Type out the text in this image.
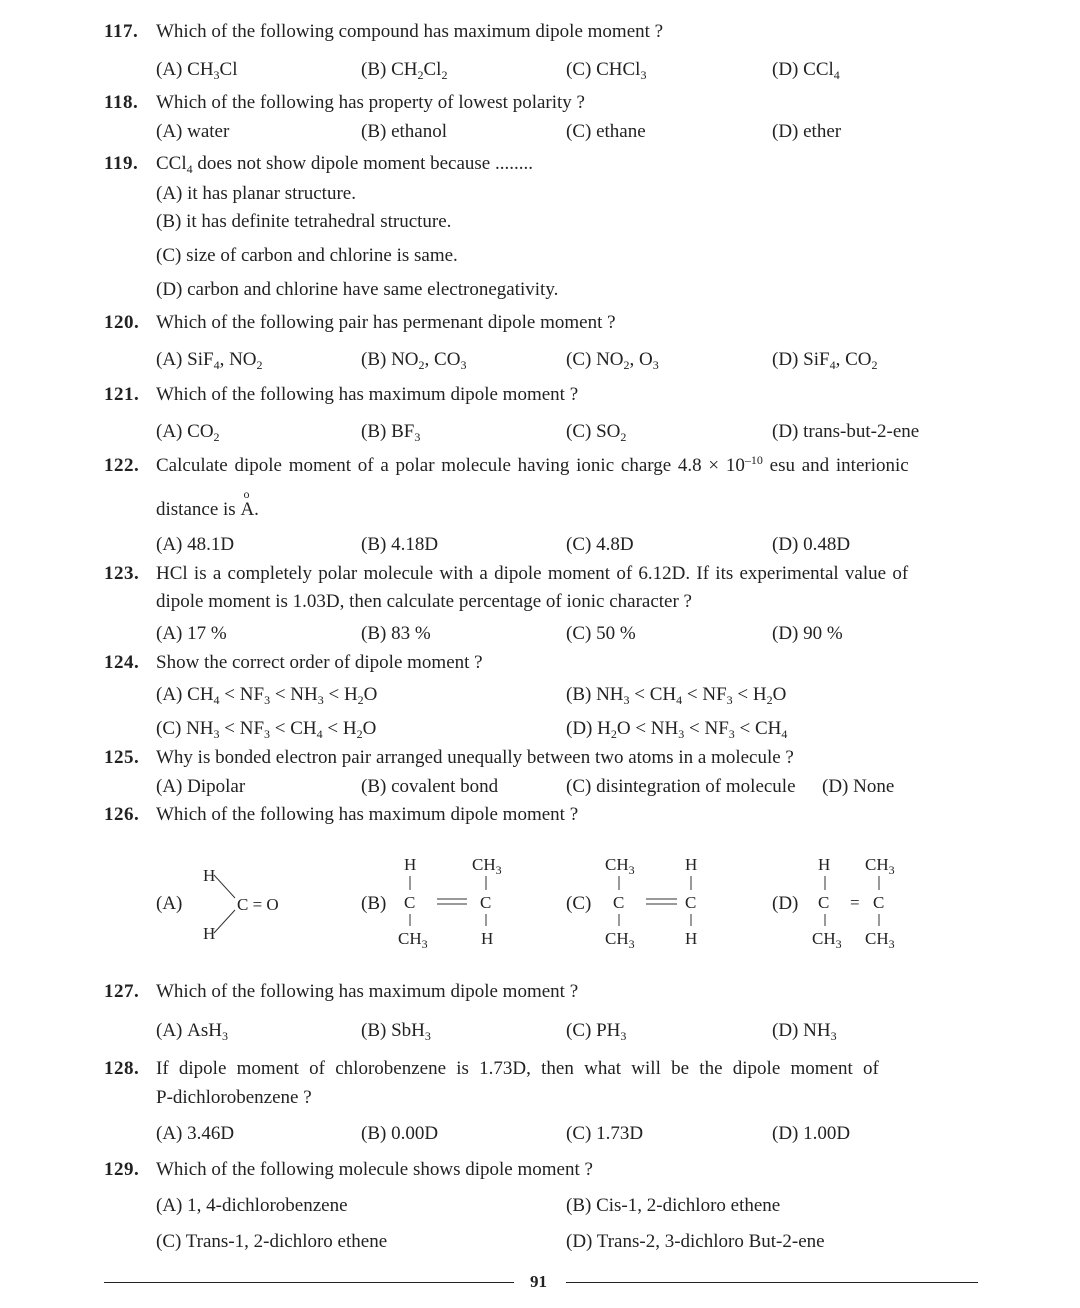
117. Which of the following compound has maximum dipole moment ?
(A) $CH_3Cl$	(B) $CH_2Cl_2$	(C) CHCl$_3$	(D) CCl$_4$
118. Which of the following has property of lowest polarity ?
(A) water	(B) ethanol	(C) ethane	(D) ether
119. CCl$_4$ does not show dipole moment because ........
(A) it has planar structure.
(B) it has definite tetrahedral structure.
(C) size of carbon and chlorine is same.
(D) carbon and chlorine have same electronegativity.
120. Which of the following pair has permenant dipole moment ?
(A) SiF$_4$, $NO_2$	(B) $NO_2$, $CO_3$	(C) $NO_2$, $O_3$	(D) SiF$_4$, $CO_2$
121. Which of the following has maximum dipole moment ?
(A) $CO_2$	(B) $BF_3$	(C) $SO_2$	(D) trans-but-2-ene
122. Calculate dipole moment of a polar molecule having ionic charge $4.8 \times 10^{-10}$ esu and interionic
distance is
o
A.
(A) 48.1D	(B) 4.18D	(C) 4.8D	(D) 0.48D
123. HCl is a completely polar molecule with a dipole moment of 6.12D. If its experimental value of
dipole moment is 1.03D, then calculate percentage of ionic character ?
(A) 17 %	(B) 83 %	(C) 50 %	(D) 90 %
124. Show the correct order of dipole moment ?
(A) $CH_4 < NF_3 < NH_3 < H_2O$	(B) $NH_3 < CH_4 < NF_3 < H_2O$
(C) $NH_3 < NF_3 < CH_4 < H_2O$	(D) $H_2O < NH_3 < NF_3 < CH_4$
125. Why is bonded electron pair arranged unequally between two atoms in a molecule ?
(A) Dipolar	(B) covalent bond	(C) disintegration of molecule (D) None
126. Which of the following has maximum dipole moment ?
(A)
H
H
C = O	(B)
H
C
$CH_3$
$CH_3$
C
H
(C)
$CH_3$
C
$CH_3$
H
C
H
(D)
H
C
$CH_3$
=
$CH_3$
C
$CH_3$
127. Which of the following has maximum dipole moment ?
(A) AsH$_3$	(B) SbH$_3$	(C) $PH_3$	(D) $NH_3$
128. If dipole moment of chlorobenzene is 1.73D, then what will be the dipole moment of
P-dichlorobenzene ?
(A) 3.46D	(B) 0.00D	(C) 1.73D	(D) 1.00D
129. Which of the following molecule shows dipole moment ?
(A) 1, 4-dichlorobenzene	(B) Cis-1, 2-dichloro ethene
(C) Trans-1, 2-dichloro ethene	(D) Trans-2, 3-dichloro But-2-ene
91
